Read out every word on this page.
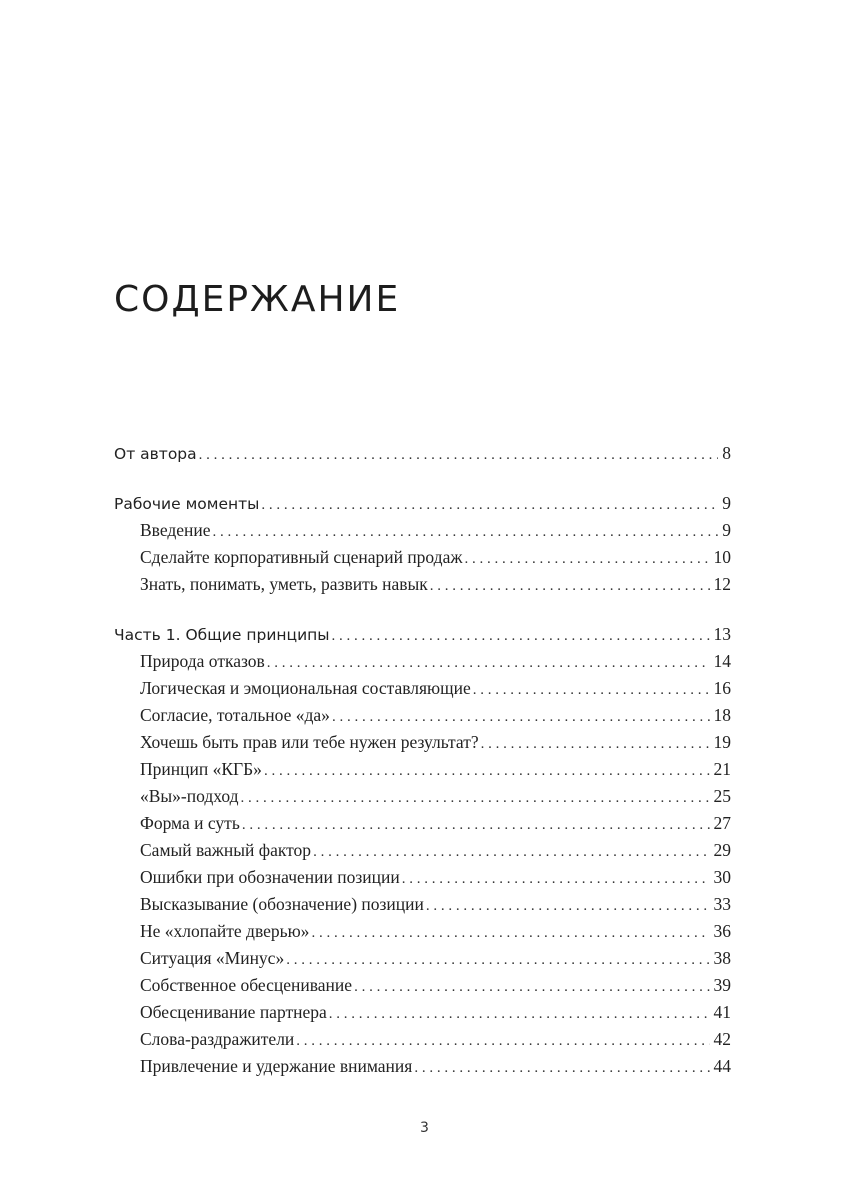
СОДЕРЖАНИЕ
От автора . . .	8
Рабочие моменты . . .	9
Введение . . .	9
Сделайте корпоративный сценарий продаж . . .	10
Знать, понимать, уметь, развить навык . . .	12
Часть 1. Общие принципы . . .	13
Природа отказов . . .	14
Логическая и эмоциональная составляющие . . .	16
Согласие, тотальное «да» . . .	18
Хочешь быть прав или тебе нужен результат? . . .	19
Принцип «КГБ» . . .	21
«Вы»-подход . . .	25
Форма и суть . . .	27
Самый важный фактор . . .	29
Ошибки при обозначении позиции . . .	30
Высказывание (обозначение) позиции . . .	33
Не «хлопайте дверью» . . .	36
Ситуация «Минус» . . .	38
Собственное обесценивание . . .	39
Обесценивание партнера . . .	41
Слова-раздражители . . .	42
Привлечение и удержание внимания . . .	44
3
